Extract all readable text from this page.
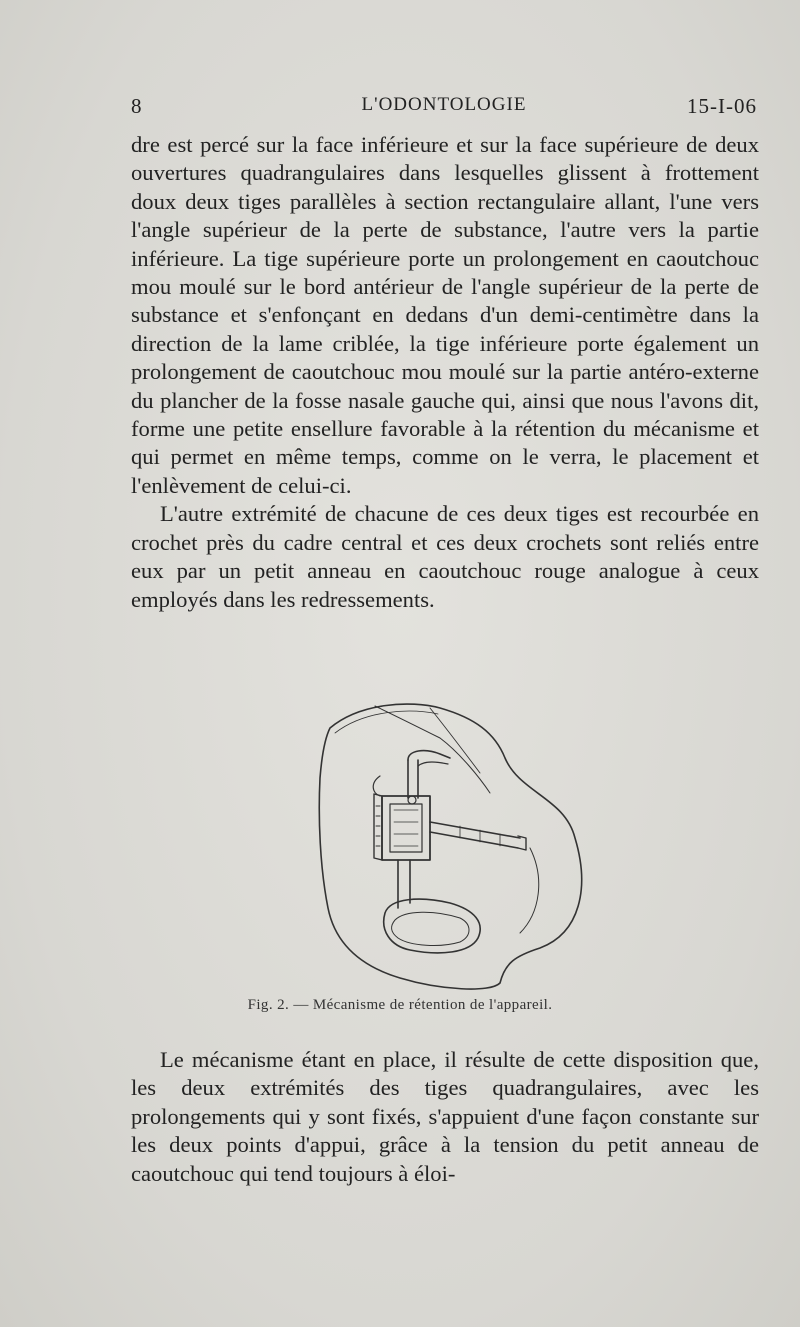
8	L'ODONTOLOGIE	15-I-06

dre est percé sur la face inférieure et sur la face supérieure de deux ouvertures quadrangulaires dans lesquelles glissent à frottement doux deux tiges parallèles à section rectangulaire allant, l'une vers l'angle supérieur de la perte de substance, l'autre vers la partie inférieure. La tige supérieure porte un prolongement en caoutchouc mou moulé sur le bord antérieur de l'angle supérieur de la perte de substance et s'enfonçant en dedans d'un demi-centimètre dans la direction de la lame criblée, la tige inférieure porte également un prolongement de caoutchouc mou moulé sur la partie antéro-externe du plancher de la fosse nasale gauche qui, ainsi que nous l'avons dit, forme une petite ensellure favorable à la rétention du mécanisme et qui permet en même temps, comme on le verra, le placement et l'enlèvement de celui-ci.

L'autre extrémité de chacune de ces deux tiges est recourbée en crochet près du cadre central et ces deux crochets sont reliés entre eux par un petit anneau en caoutchouc rouge analogue à ceux employés dans les redressements.

Fig. 2. — Mécanisme de rétention de l'appareil.

Le mécanisme étant en place, il résulte de cette disposition que, les deux extrémités des tiges quadrangulaires, avec les prolongements qui y sont fixés, s'appuient d'une façon constante sur les deux points d'appui, grâce à la tension du petit anneau de caoutchouc qui tend toujours à éloi-
